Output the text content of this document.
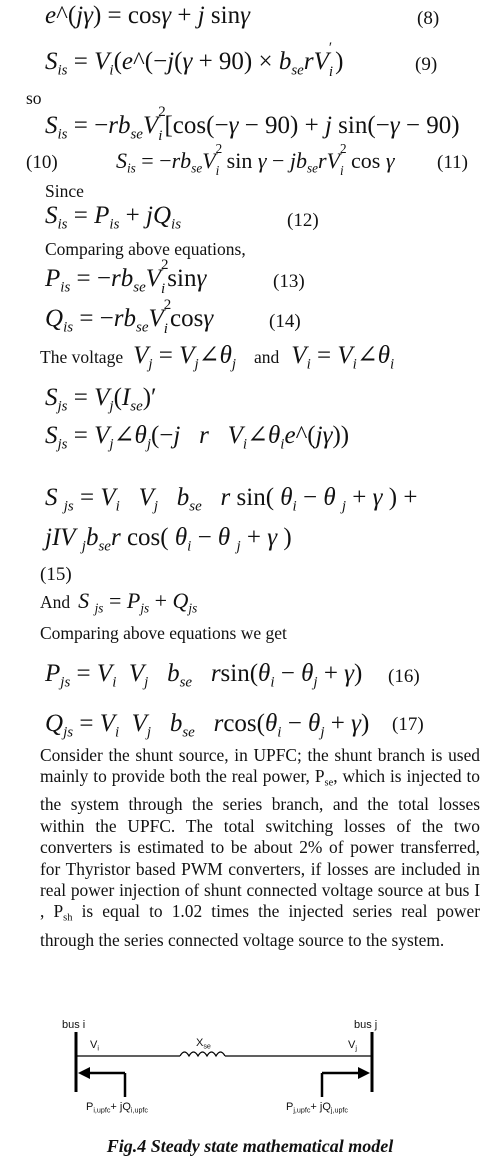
e^(jγ) = cosγ + j sinγ	(8)
$S_{is}$ = $V_i(e\^{}(-j(\gamma + 90) \times b_{se}rV$
′
i )	(9)
so
$S_{is} = -rb_{se}V$
2
i [cos(−γ − 90) + j sin(−γ − 90)
(10)	$S_{is} = -rb_{se}V$ 2
i $\sin \gamma - jb_{se}rV$ 2
i cos γ (11)
Since
$S_{is} = P_{is} + jQ_{is}$	(12)
Comparing above equations,
$P_{is} = -rb_{se}V$
2
i sinγ	(13)
$Q_{is} = -rb_{se}V$
2
i cosγ	(14)
The voltage $V_j$ = $V_j\angle\theta_j$ and $V_i$ = $V_i\angle\theta_i$
$S_{js} = V_j(I_{se})'$
$S_{js}$ = $V_j\angle\theta_j(-j$ r $V_i\angle\theta_ie\^{}(j\gamma)$)
S $_{js} = V_i$ $V_j$ $b_{se}$ r sin( $\theta_i - \theta$ $_j$ + γ ) +
jIV $_jb_{se}r$ cos( $\theta_i - \theta$ $_j$ + γ )
(15)
And S $_{js} = P_{js} + Q_{js}$
Comparing above equations we get
$P_{js} = V_i$ $V_j$ $b_{se}$ $rsin(\theta_i - \theta_j + \gamma)$ (16)
$Q_{js} = V_i$ $V_j$ $b_{se}$ $rcos(\theta_i - \theta_j + \gamma)$ (17)
Consider the shunt source, in UPFC; the shunt branch is used mainly to provide both the real power, $P_{se}$, which is injected to the system through the series branch, and the total losses within the UPFC. The total switching losses of the two converters is estimated to be about 2% of power transferred, for Thyristor based PWM converters, if losses are included in real power injection of shunt connected voltage source at bus I , $P_{sh}$ is equal to 1.02 times the injected series real power through the series connected voltage source to the system.
bus i	bus j
$V_i$	$V_j$
$X_{se}$
$P_{i,upfc}+ jQ_{i,upfc}$	$P_{j,upfc}+ jQ_{j,upfc}$
Fig.4 Steady state mathematical model
